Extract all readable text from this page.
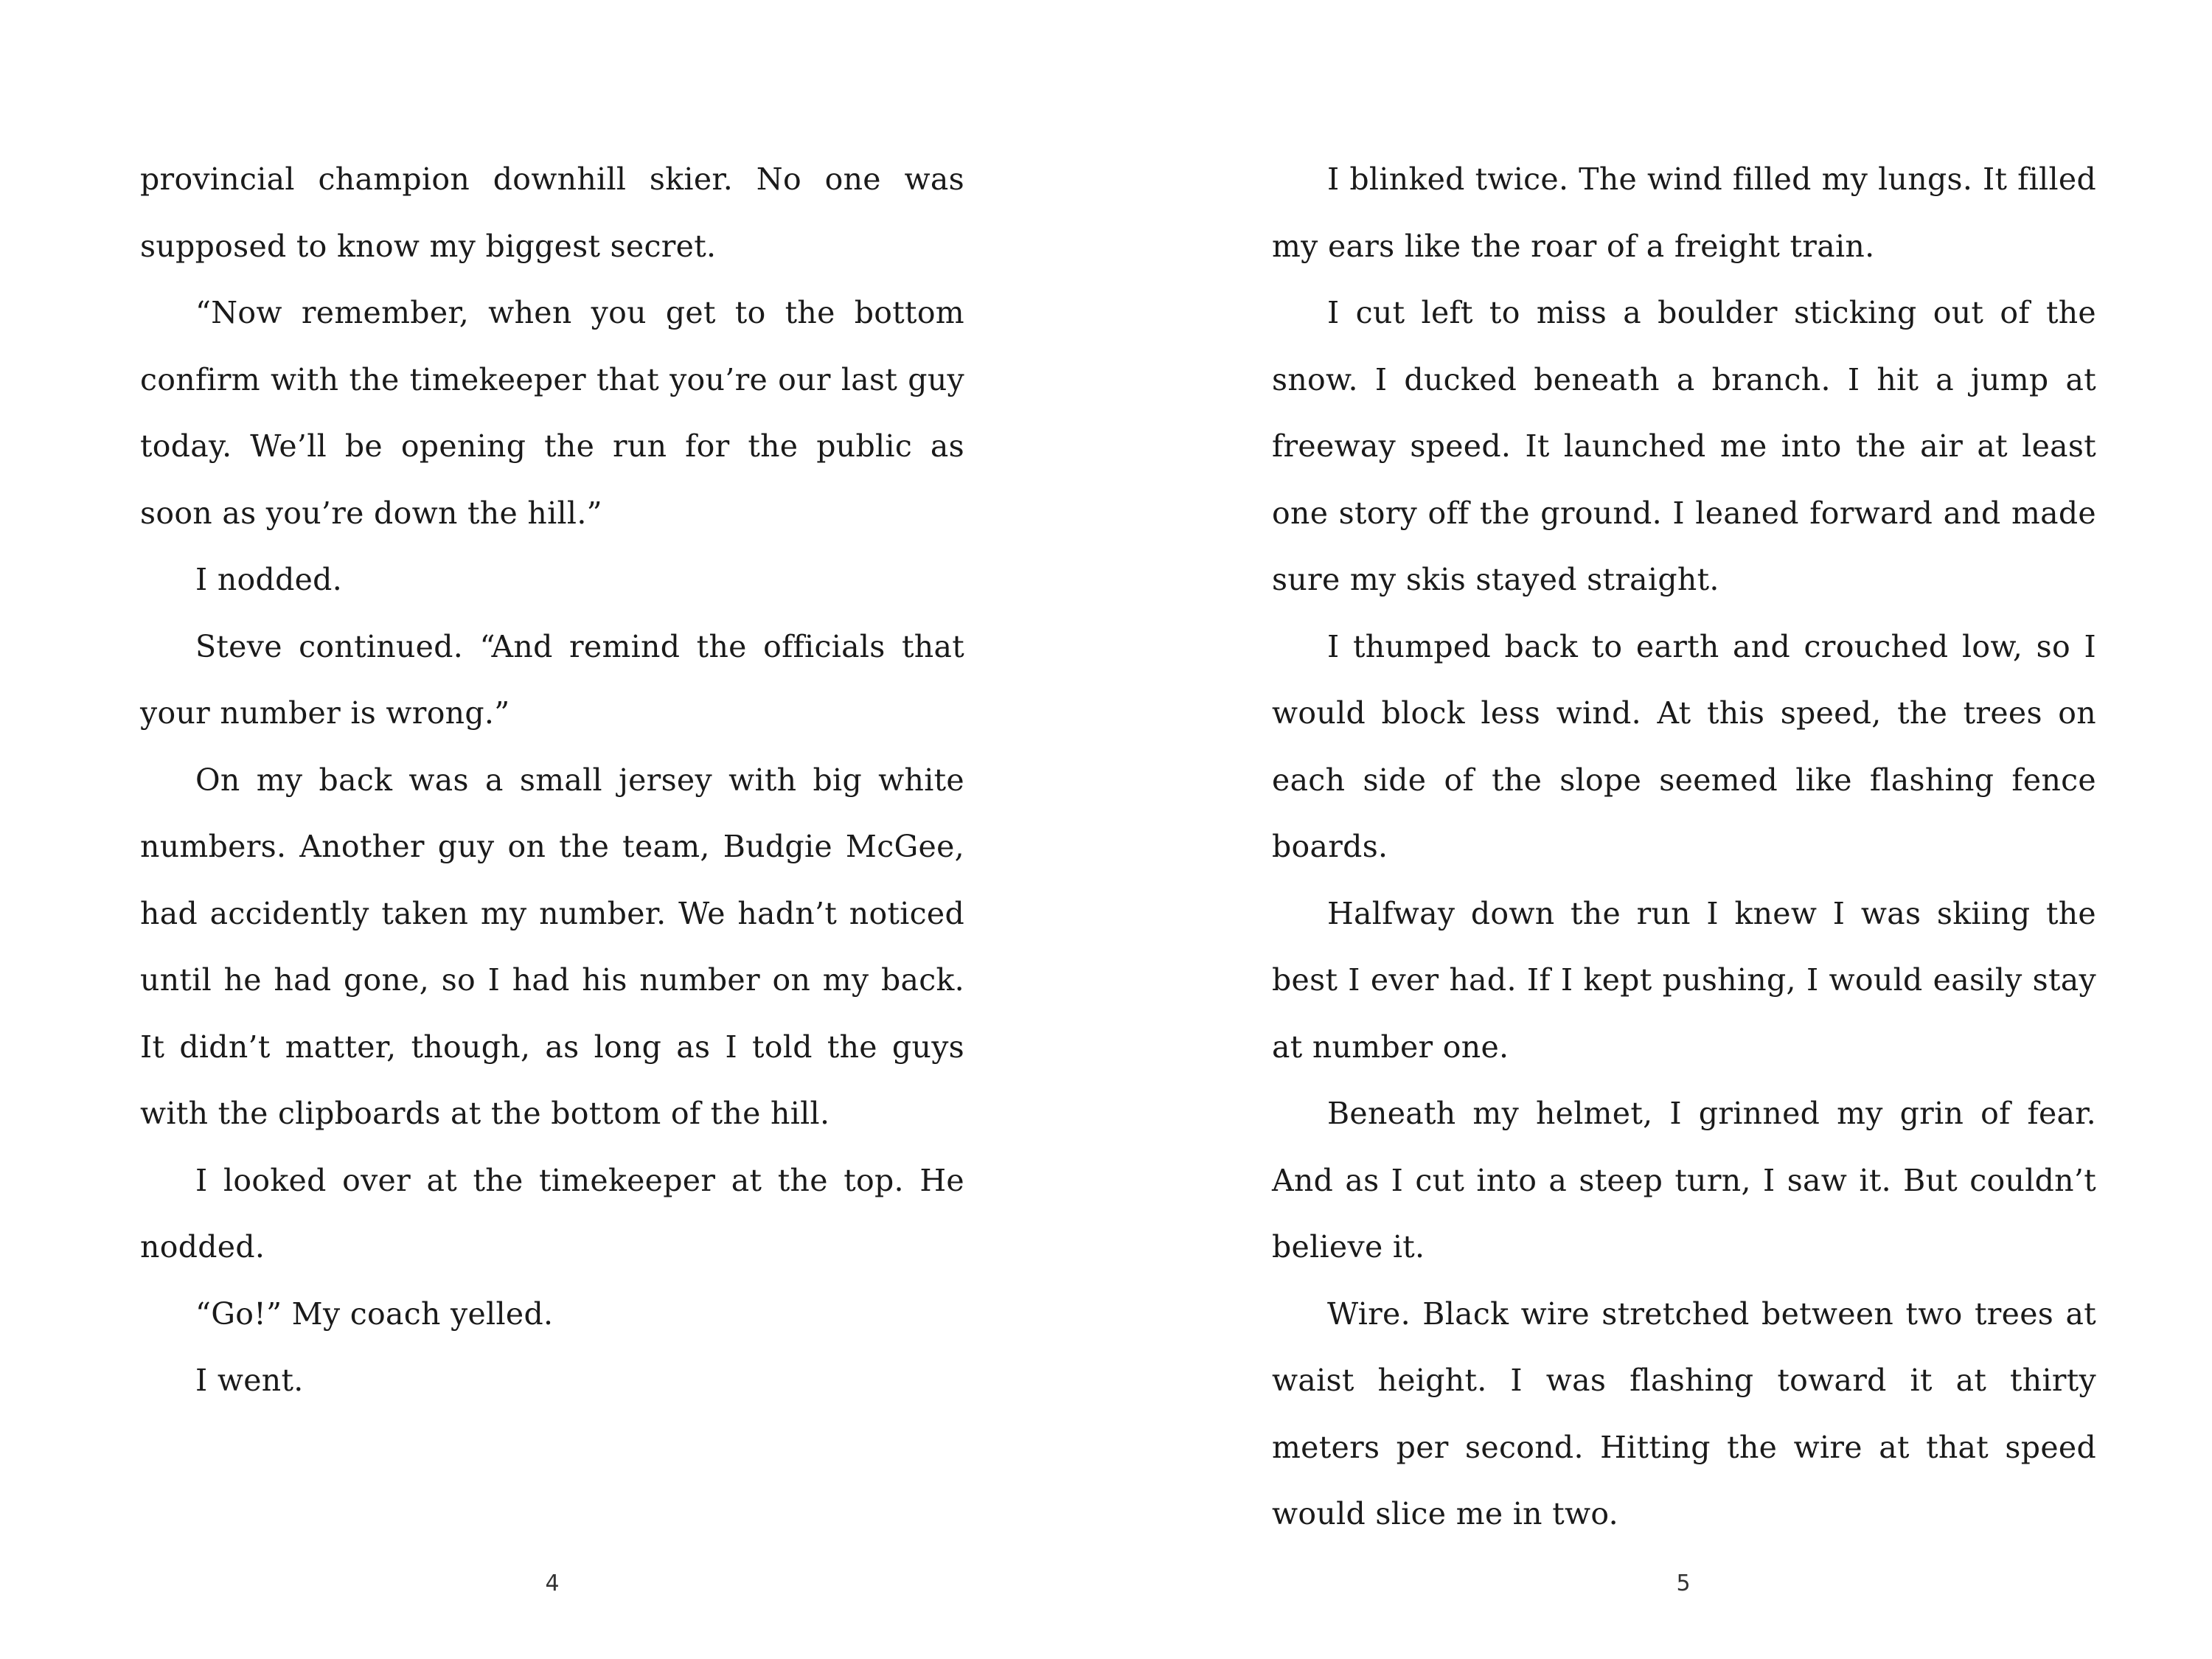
provincial champion downhill skier. No one was supposed to know my biggest secret.

“Now remember, when you get to the bottom confirm with the timekeeper that you’re our last guy today. We’ll be opening the run for the public as soon as you’re down the hill.”

I nodded.

Steve continued. “And remind the officials that your number is wrong.”

On my back was a small jersey with big white numbers. Another guy on the team, Budgie McGee, had accidently taken my number. We hadn’t noticed until he had gone, so I had his number on my back. It didn’t matter, though, as long as I told the guys with the clipboards at the bottom of the hill.

I looked over at the timekeeper at the top. He nodded.

“Go!” My coach yelled.

I went.

I blinked twice. The wind filled my lungs. It filled my ears like the roar of a freight train.

I cut left to miss a boulder sticking out of the snow. I ducked beneath a branch. I hit a jump at freeway speed. It launched me into the air at least one story off the ground. I leaned forward and made sure my skis stayed straight.

I thumped back to earth and crouched low, so I would block less wind. At this speed, the trees on each side of the slope seemed like flashing fence boards.

Halfway down the run I knew I was skiing the best I ever had. If I kept pushing, I would easily stay at number one.

Beneath my helmet, I grinned my grin of fear. And as I cut into a steep turn, I saw it. But couldn’t believe it.

Wire. Black wire stretched between two trees at waist height. I was flashing toward it at thirty meters per second. Hitting the wire at that speed would slice me in two.

4	5
